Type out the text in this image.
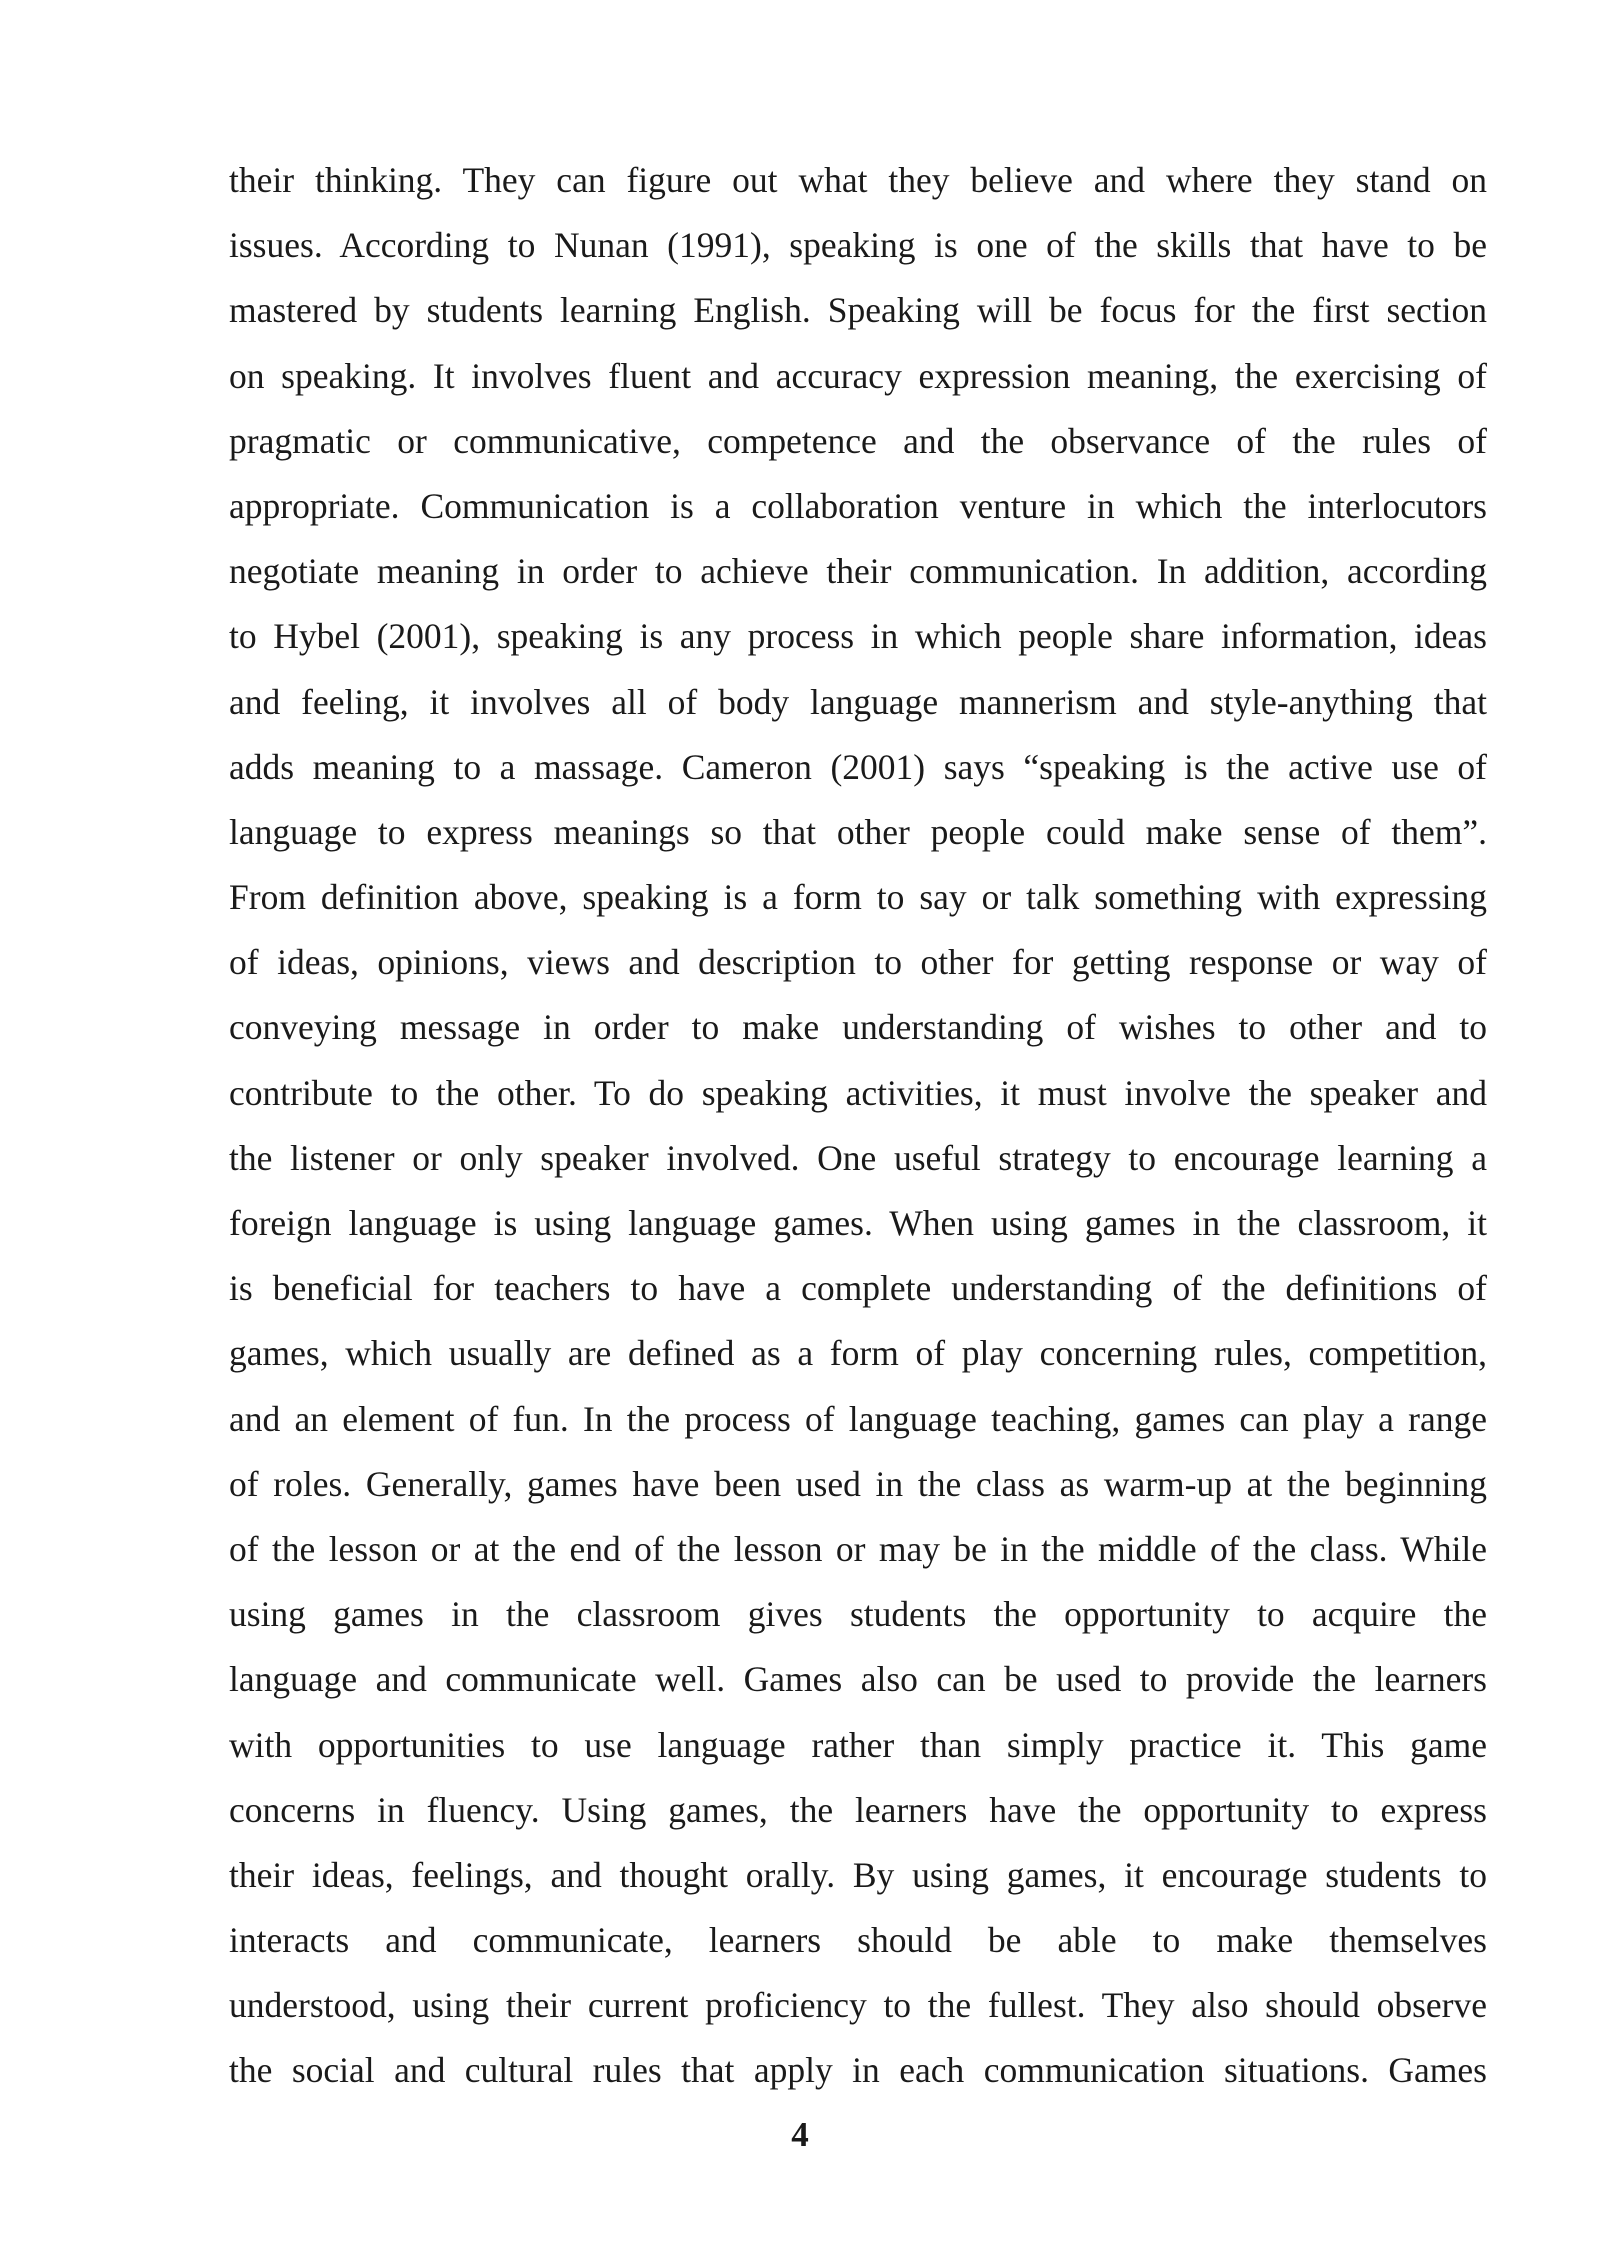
their thinking. They can figure out what they believe and where they stand on
issues. According to Nunan (1991), speaking is one of the skills that have to be
mastered by students learning English. Speaking will be focus for the first section
on speaking. It involves fluent and accuracy expression meaning, the exercising of
pragmatic or communicative, competence and the observance of the rules of
appropriate. Communication is a collaboration venture in which the interlocutors
negotiate meaning in order to achieve their communication. In addition, according
to Hybel (2001), speaking is any process in which people share information, ideas
and feeling, it involves all of body language mannerism and style-anything that
adds meaning to a massage. Cameron (2001) says “speaking is the active use of
language to express meanings so that other people could make sense of them”.
From definition above, speaking is a form to say or talk something with expressing
of ideas, opinions, views and description to other for getting response or way of
conveying message in order to make understanding of wishes to other and to
contribute to the other. To do speaking activities, it must involve the speaker and
the listener or only speaker involved. One useful strategy to encourage learning a
foreign language is using language games. When using games in the classroom, it
is beneficial for teachers to have a complete understanding of the definitions of
games, which usually are defined as a form of play concerning rules, competition,
and an element of fun. In the process of language teaching, games can play a range
of roles. Generally, games have been used in the class as warm-up at the beginning
of the lesson or at the end of the lesson or may be in the middle of the class. While
using games in the classroom gives students the opportunity to acquire the
language and communicate well. Games also can be used to provide the learners
with opportunities to use language rather than simply practice it. This game
concerns in fluency. Using games, the learners have the opportunity to express
their ideas, feelings, and thought orally. By using games, it encourage students to
interacts and communicate, learners should be able to make themselves
understood, using their current proficiency to the fullest. They also should observe
the social and cultural rules that apply in each communication situations. Games
4
